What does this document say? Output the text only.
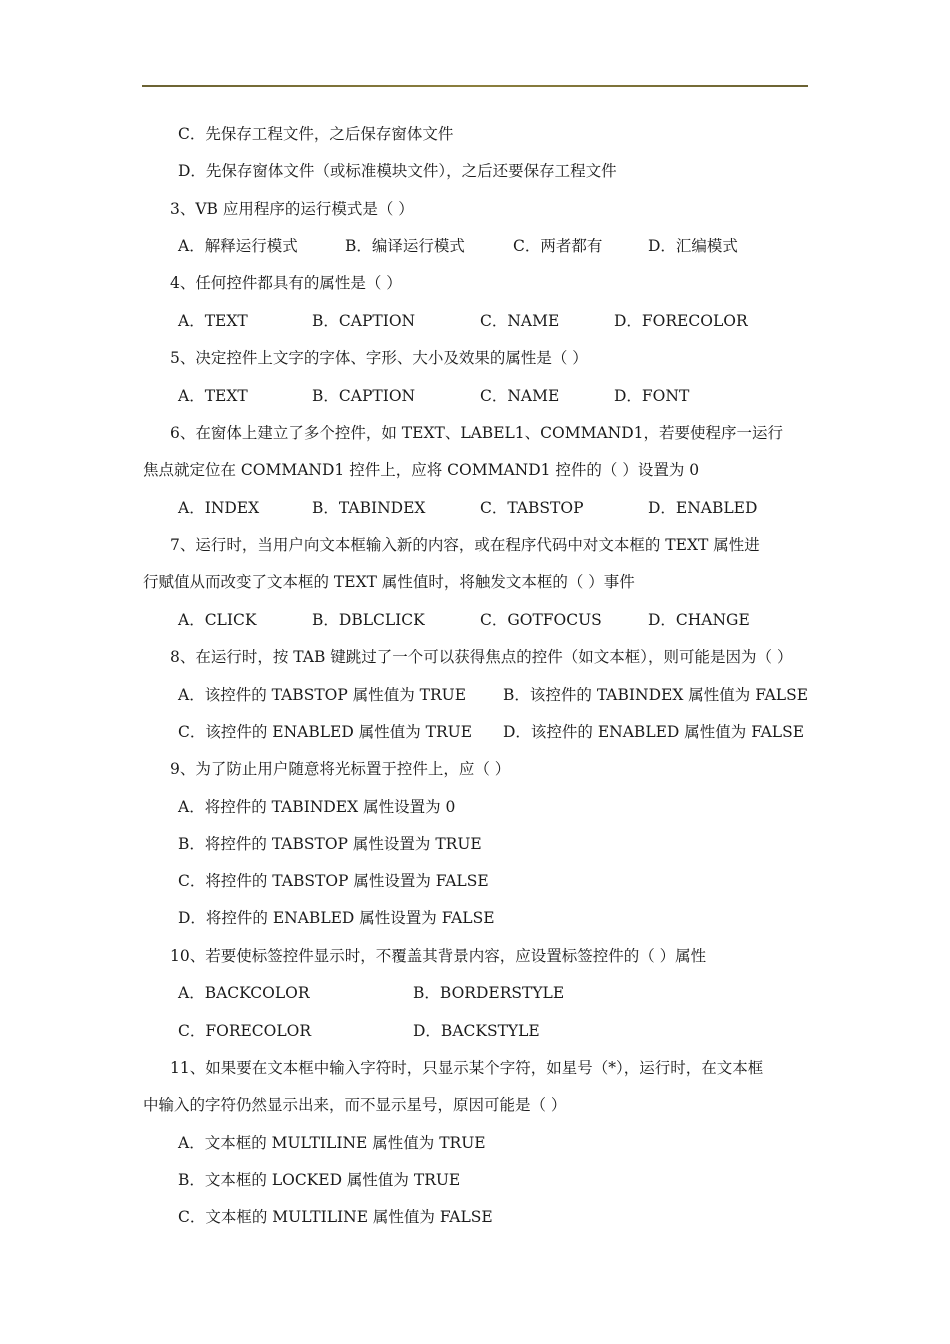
C．先保存工程文件，之后保存窗体文件
D．先保存窗体文件（或标准模块文件），之后还要保存工程文件
3、VB 应用程序的运行模式是（ ）
A．解释运行模式	B．编译运行模式	C．两者都有	D．汇编模式
4、任何控件都具有的属性是（ ）
A．TEXT	B．CAPTION	C．NAME	D．FORECOLOR
5、决定控件上文字的字体、字形、大小及效果的属性是（ ）
A．TEXT	B．CAPTION	C．NAME	D．FONT
6、在窗体上建立了多个控件，如 TEXT、LABEL1、COMMAND1，若要使程序一运行
焦点就定位在 COMMAND1 控件上，应将 COMMAND1 控件的（ ）设置为 0
A．INDEX	B．TABINDEX	C．TABSTOP	D．ENABLED
7、运行时，当用户向文本框输入新的内容，或在程序代码中对文本框的 TEXT 属性进
行赋值从而改变了文本框的 TEXT 属性值时，将触发文本框的（ ）事件
A．CLICK	B．DBLCLICK	C．GOTFOCUS	D．CHANGE
8、在运行时，按 TAB 键跳过了一个可以获得焦点的控件（如文本框），则可能是因为（ ）
A．该控件的 TABSTOP 属性值为 TRUE B．该控件的 TABINDEX 属性值为 FALSE
C．该控件的 ENABLED 属性值为 TRUE D．该控件的 ENABLED 属性值为 FALSE
9、为了防止用户随意将光标置于控件上，应（ ）
A．将控件的 TABINDEX 属性设置为 0
B．将控件的 TABSTOP 属性设置为 TRUE
C．将控件的 TABSTOP 属性设置为 FALSE
D．将控件的 ENABLED 属性设置为 FALSE
10、若要使标签控件显示时，不覆盖其背景内容，应设置标签控件的（ ）属性
A．BACKCOLOR	B．BORDERSTYLE
C．FORECOLOR	D．BACKSTYLE
11、如果要在文本框中输入字符时，只显示某个字符，如星号（*），运行时，在文本框
中输入的字符仍然显示出来，而不显示星号，原因可能是（ ）
A．文本框的 MULTILINE 属性值为 TRUE
B．文本框的 LOCKED 属性值为 TRUE
C．文本框的 MULTILINE 属性值为 FALSE
